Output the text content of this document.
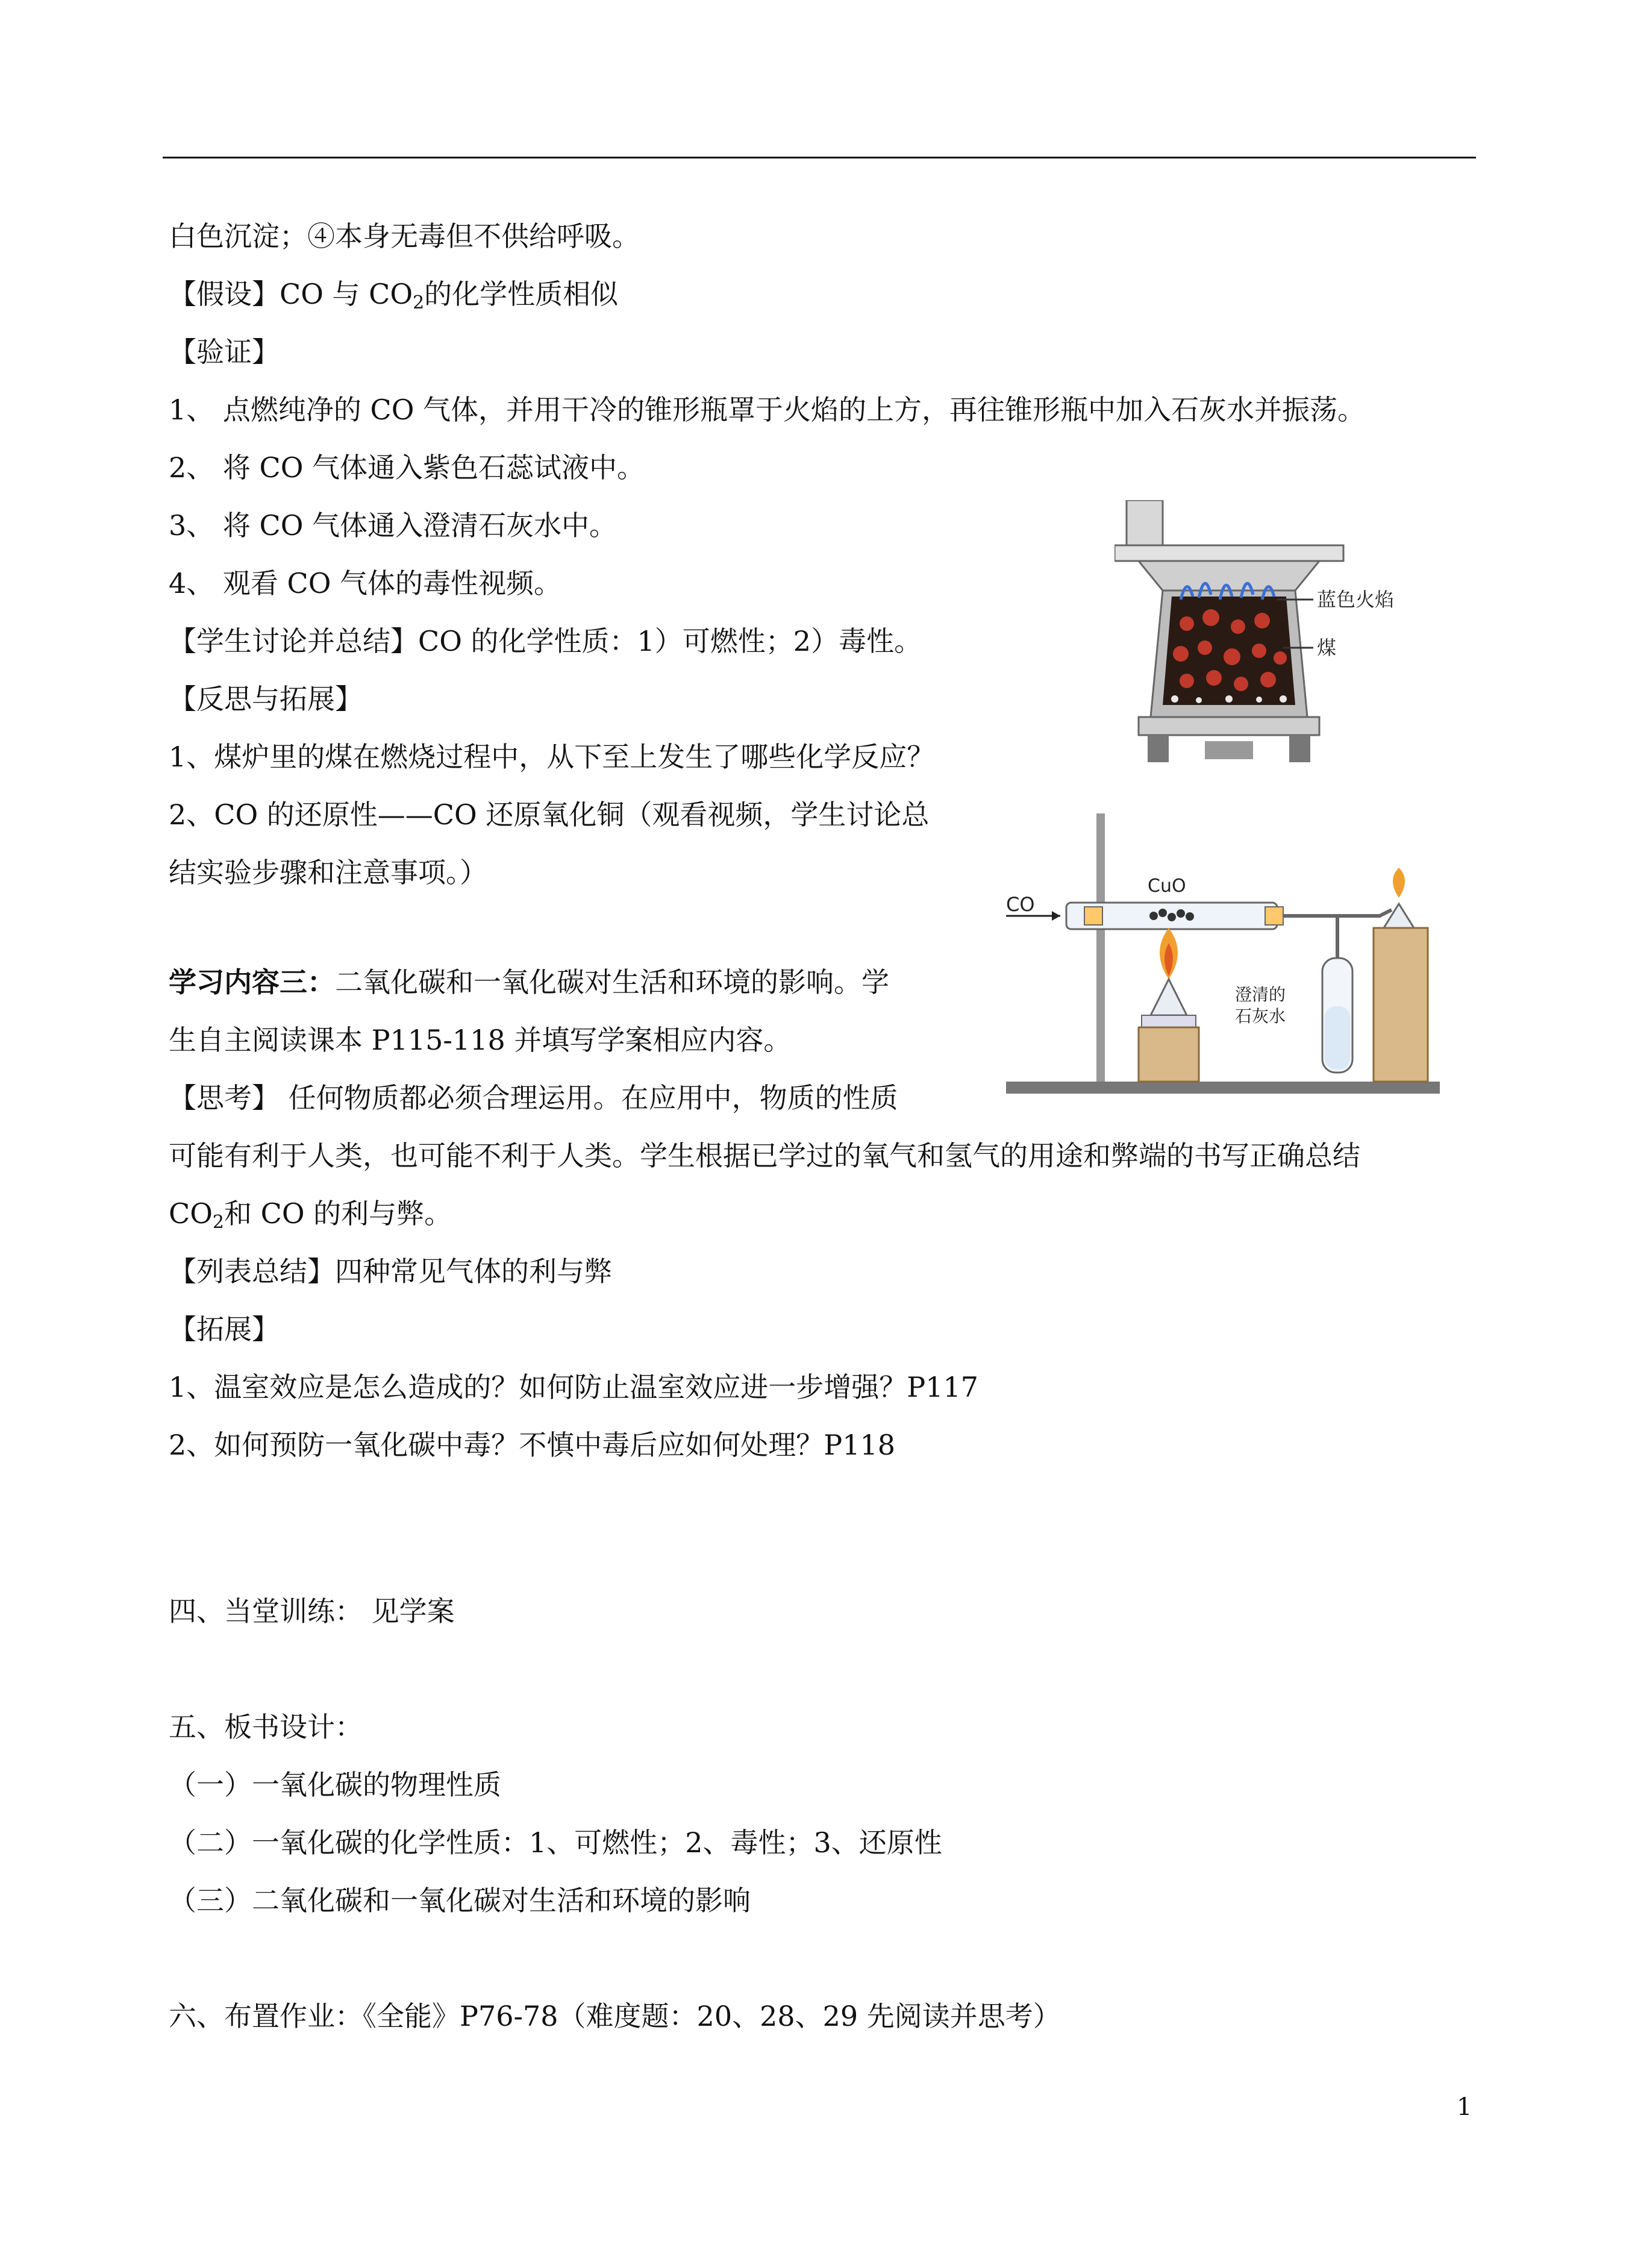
白色沉淀；④本身无毒但不供给呼吸。
【假设】CO 与 $CO_2$的化学性质相似
【验证】
1、 点燃纯净的 CO 气体，并用干冷的锥形瓶罩于火焰的上方，再往锥形瓶中加入石灰水并振荡。
2、 将 CO 气体通入紫色石蕊试液中。
3、 将 CO 气体通入澄清石灰水中。
4、 观看 CO 气体的毒性视频。
【学生讨论并总结】CO 的化学性质：1）可燃性；2）毒性。
【反思与拓展】
1、煤炉里的煤在燃烧过程中，从下至上发生了哪些化学反应？
2、CO 的还原性——CO 还原氧化铜（观看视频，学生讨论总
结实验步骤和注意事项。）
学习内容三：二氧化碳和一氧化碳对生活和环境的影响。学
生自主阅读课本 P115-118 并填写学案相应内容。
【思考】 任何物质都必须合理运用。在应用中，物质的性质
可能有利于人类，也可能不利于人类。学生根据已学过的氧气和氢气的用途和弊端的书写正确总结
$CO_2$和 CO 的利与弊。
【列表总结】四种常见气体的利与弊
【拓展】
1、温室效应是怎么造成的？如何防止温室效应进一步增强？P117
2、如何预防一氧化碳中毒？不慎中毒后应如何处理？P118
四、当堂训练： 见学案
五、板书设计：
（一）一氧化碳的物理性质
（二）一氧化碳的化学性质：1、可燃性；2、毒性；3、还原性
（三）二氧化碳和一氧化碳对生活和环境的影响
六、布置作业：《全能》P76-78（难度题：20、28、29 先阅读并思考）
1
蓝色火焰
煤
CO
CuO
澄清的
石灰水
